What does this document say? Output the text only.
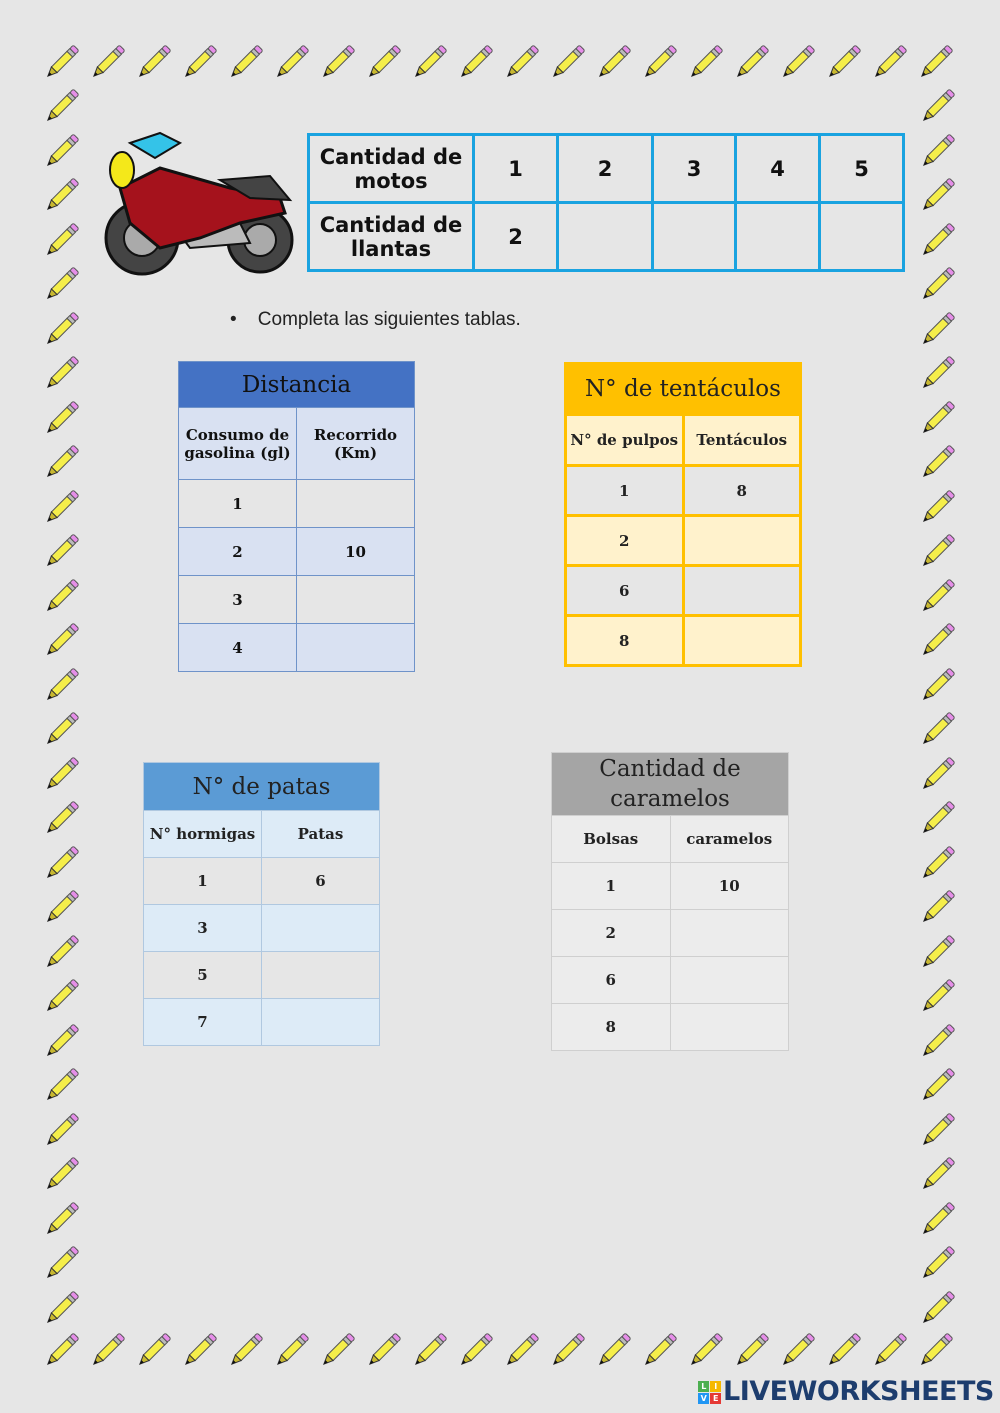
Cantidad de motos	1	2	3	4	5
Cantidad de llantas	2				
•    Completa las siguientes tablas.
Distancia	
Consumo de gasolina (gl)	Recorrido (Km)
1	
2	10
3	
4	
N° de tentáculos	
N° de pulpos	Tentáculos
1	8
2	
6	
8	
N° de patas	
N° hormigas	Patas
1	6
3	
5	
7	
Cantidad de caramelos	
Bolsas	caramelos
1	10
2	
6	
8	
L	I
V E LIVEWORKSHEETS
